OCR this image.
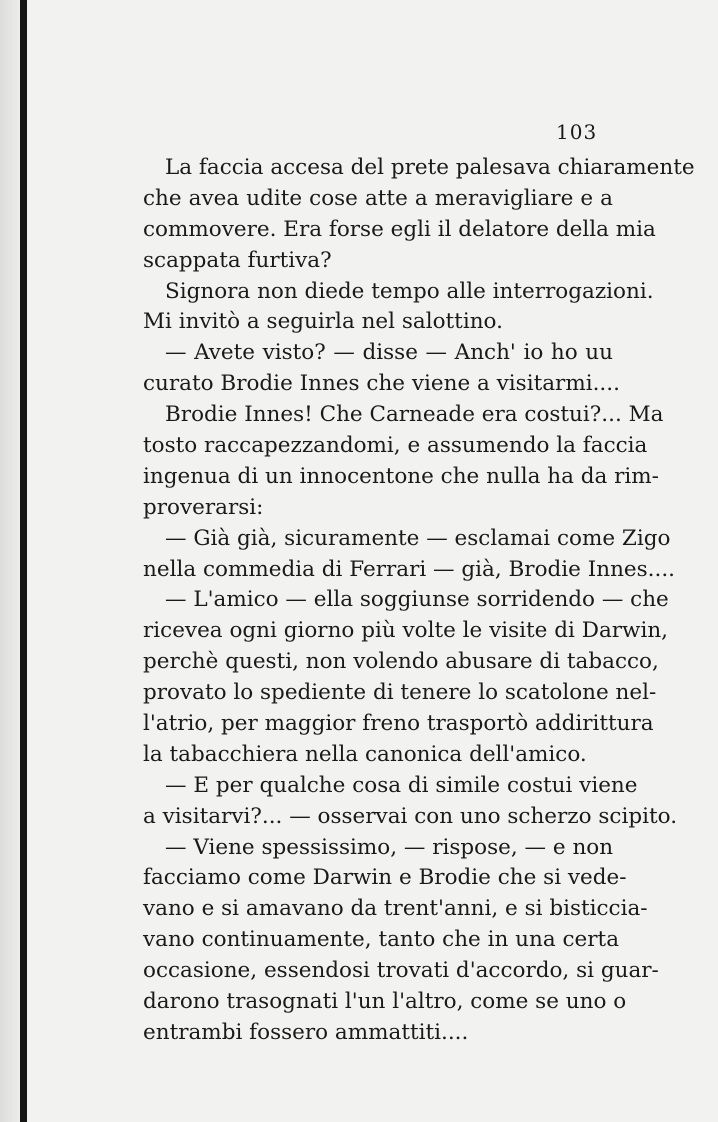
103
La faccia accesa del prete palesava chiaramente
che avea udite cose atte a meravigliare e a
commovere. Era forse egli il delatore della mia
scappata furtiva?
Signora non diede tempo alle interrogazioni.
Mi invitò a seguirla nel salottino.
— Avete visto? — disse — Anch' io ho uu
curato Brodie Innes che viene a visitarmi....
Brodie Innes! Che Carneade era costui?... Ma
tosto raccapezzandomi, e assumendo la faccia
ingenua di un innocentone che nulla ha da rim-
proverarsi:
— Già già, sicuramente — esclamai come Zigo
nella commedia di Ferrari — già, Brodie Innes....
— L'amico — ella soggiunse sorridendo — che
riceveа ogni giorno più volte le visite di Darwin,
perchè questi, non volendo abusare di tabacco,
provato lo spediente di tenere lo scatolone nel-
l'atrio, per maggior freno trasportò addirittura
la tabacchiera nella canonica dell'amico.
— E per qualche cosa di simile costui viene
a visitarvi?... — osservai con uno scherzo scipito.
— Viene spessissimo, — rispose, — e non
facciamo come Darwin e Brodie che si vede-
vano e si amavano da trent'anni, e si bisticcia-
vano continuamente, tanto che in una certa
occasione, essendosi trovati d'accordo, si guar-
darono trasognati l'un l'altro, come se uno o
entrambi fossero ammattiti....
